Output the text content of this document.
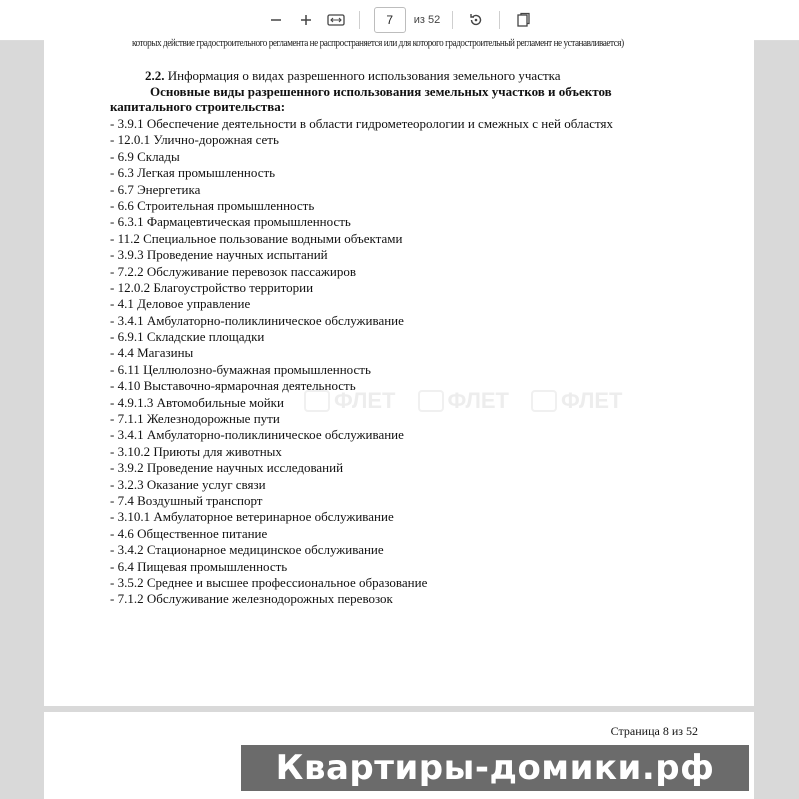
7
из 52
которых действие градостроительного регламента не распространяется или для которого градостроительный регламент не устанавливается)
2.2. Информация о видах разрешенного использования земельного участка
Основные виды разрешенного использования земельных участков и объектов капитального строительства:
- 3.9.1 Обеспечение деятельности в области гидрометеорологии и смежных с ней областях
- 12.0.1 Улично-дорожная сеть
- 6.9 Склады
- 6.3 Легкая промышленность
- 6.7 Энергетика
- 6.6 Строительная промышленность
- 6.3.1 Фармацевтическая промышленность
- 11.2 Специальное пользование водными объектами
- 3.9.3 Проведение научных испытаний
- 7.2.2 Обслуживание перевозок пассажиров
- 12.0.2 Благоустройство территории
- 4.1 Деловое управление
- 3.4.1 Амбулаторно-поликлиническое обслуживание
- 6.9.1 Складские площадки
- 4.4 Магазины
- 6.11 Целлюлозно-бумажная промышленность
- 4.10 Выставочно-ярмарочная деятельность
- 4.9.1.3 Автомобильные мойки
- 7.1.1 Железнодорожные пути
- 3.4.1 Амбулаторно-поликлиническое обслуживание
- 3.10.2 Приюты для животных
- 3.9.2 Проведение научных исследований
- 3.2.3 Оказание услуг связи
- 7.4 Воздушный транспорт
- 3.10.1 Амбулаторное ветеринарное обслуживание
- 4.6 Общественное питание
- 3.4.2 Стационарное медицинское обслуживание
- 6.4 Пищевая промышленность
- 3.5.2 Среднее и высшее профессиональное образование
- 7.1.2 Обслуживание железнодорожных перевозок
ФЛЕТ ФЛЕТ ФЛЕТ
Страница 8 из 52
Квартиры-домики.рф
